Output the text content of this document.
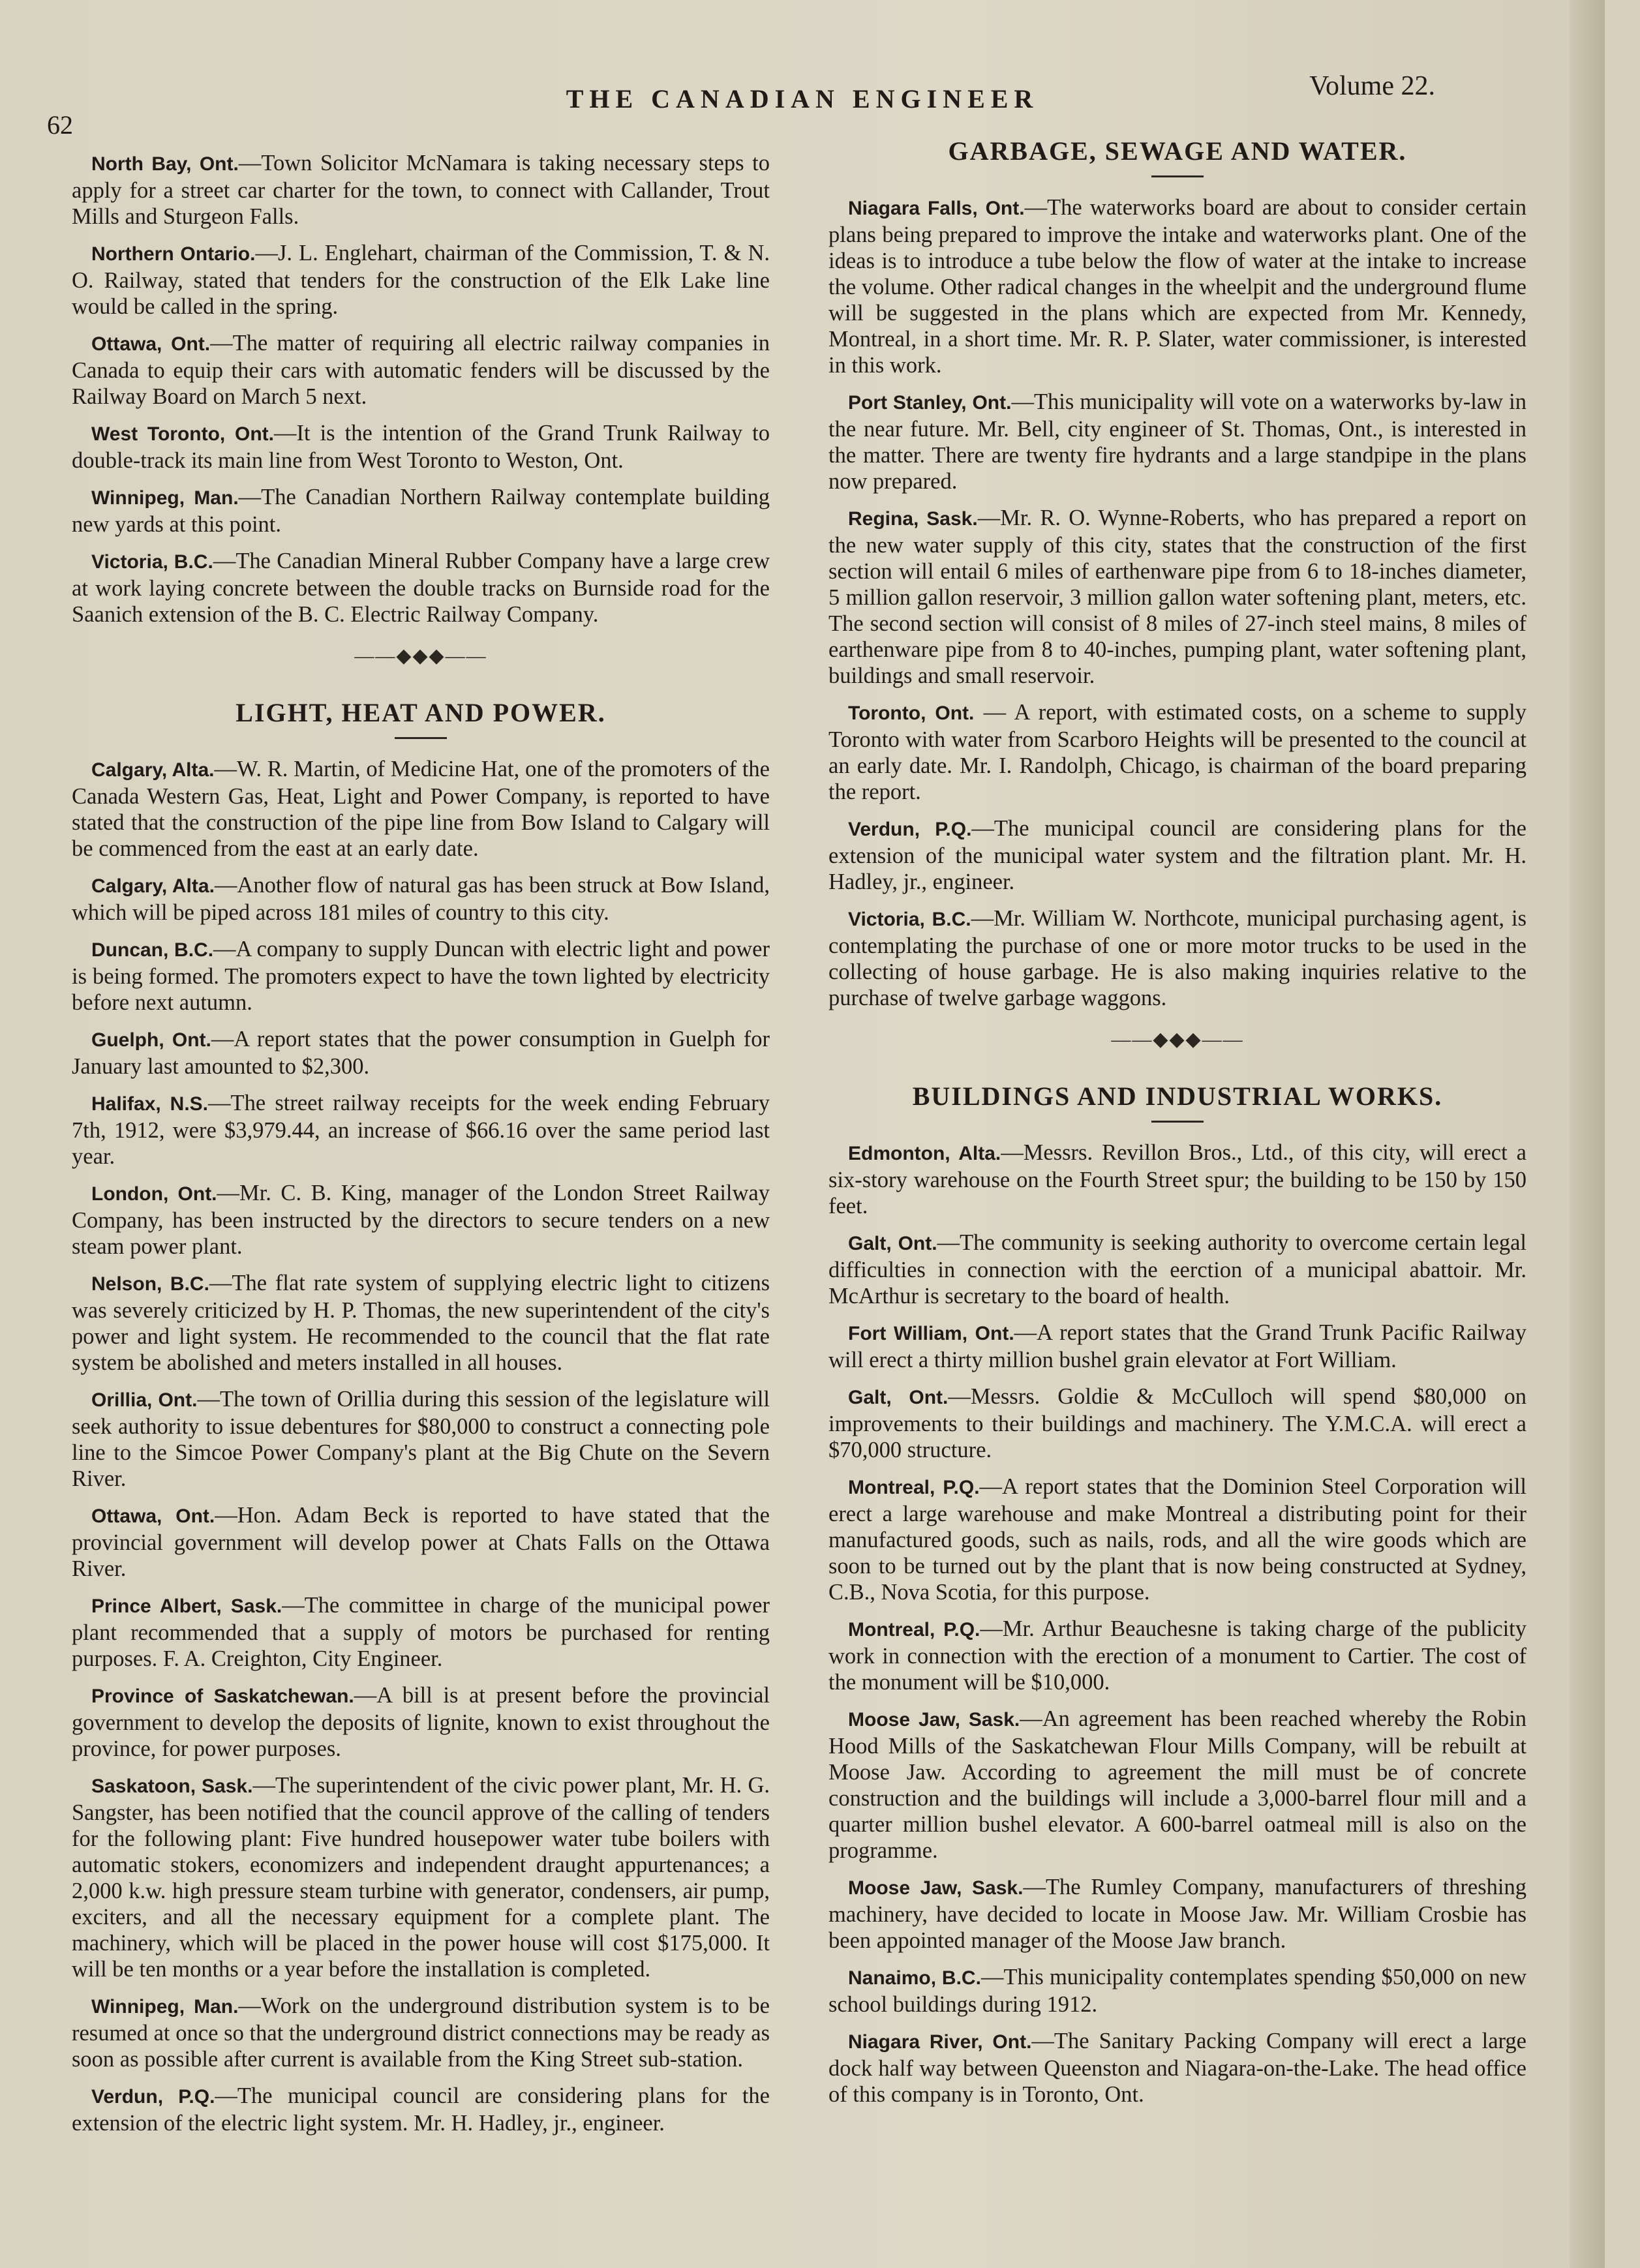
62
THE CANADIAN ENGINEER	Volume 22.

North Bay, Ont.—Town Solicitor McNamara is taking necessary steps to apply for a street car charter for the town, to connect with Callander, Trout Mills and Sturgeon Falls.

Northern Ontario.—J. L. Englehart, chairman of the Commission, T. & N. O. Railway, stated that tenders for the construction of the Elk Lake line would be called in the spring.

Ottawa, Ont.—The matter of requiring all electric railway companies in Canada to equip their cars with automatic fenders will be discussed by the Railway Board on March 5 next.

West Toronto, Ont.—It is the intention of the Grand Trunk Railway to double-track its main line from West Toronto to Weston, Ont.

Winnipeg, Man.—The Canadian Northern Railway contemplate building new yards at this point.

Victoria, B.C.—The Canadian Mineral Rubber Company have a large crew at work laying concrete between the double tracks on Burnside road for the Saanich extension of the B. C. Electric Railway Company.

——◆◆◆——
LIGHT, HEAT AND POWER.

Calgary, Alta.—W. R. Martin, of Medicine Hat, one of the promoters of the Canada Western Gas, Heat, Light and Power Company, is reported to have stated that the construction of the pipe line from Bow Island to Calgary will be commenced from the east at an early date.

Calgary, Alta.—Another flow of natural gas has been struck at Bow Island, which will be piped across 181 miles of country to this city.

Duncan, B.C.—A company to supply Duncan with electric light and power is being formed. The promoters expect to have the town lighted by electricity before next autumn.

Guelph, Ont.—A report states that the power consumption in Guelph for January last amounted to $2,300.

Halifax, N.S.—The street railway receipts for the week ending February 7th, 1912, were $3,979.44, an increase of $66.16 over the same period last year.

London, Ont.—Mr. C. B. King, manager of the London Street Railway Company, has been instructed by the directors to secure tenders on a new steam power plant.

Nelson, B.C.—The flat rate system of supplying electric light to citizens was severely criticized by H. P. Thomas, the new superintendent of the city's power and light system. He recommended to the council that the flat rate system be abolished and meters installed in all houses.

Orillia, Ont.—The town of Orillia during this session of the legislature will seek authority to issue debentures for $80,000 to construct a connecting pole line to the Simcoe Power Company's plant at the Big Chute on the Severn River.

Ottawa, Ont.—Hon. Adam Beck is reported to have stated that the provincial government will develop power at Chats Falls on the Ottawa River.

Prince Albert, Sask.—The committee in charge of the municipal power plant recommended that a supply of motors be purchased for renting purposes. F. A. Creighton, City Engineer.

Province of Saskatchewan.—A bill is at present before the provincial government to develop the deposits of lignite, known to exist throughout the province, for power purposes.

Saskatoon, Sask.—The superintendent of the civic power plant, Mr. H. G. Sangster, has been notified that the council approve of the calling of tenders for the following plant: Five hundred housepower water tube boilers with automatic stokers, economizers and independent draught appurtenances; a 2,000 k.w. high pressure steam turbine with generator, condensers, air pump, exciters, and all the necessary equipment for a complete plant. The machinery, which will be placed in the power house will cost $175,000. It will be ten months or a year before the installation is completed.

Winnipeg, Man.—Work on the underground distribution system is to be resumed at once so that the underground district connections may be ready as soon as possible after current is available from the King Street sub-station.

Verdun, P.Q.—The municipal council are considering plans for the extension of the electric light system. Mr. H. Hadley, jr., engineer.

GARBAGE, SEWAGE AND WATER.

Niagara Falls, Ont.—The waterworks board are about to consider certain plans being prepared to improve the intake and waterworks plant. One of the ideas is to introduce a tube below the flow of water at the intake to increase the volume. Other radical changes in the wheelpit and the underground flume will be suggested in the plans which are expected from Mr. Kennedy, Montreal, in a short time. Mr. R. P. Slater, water commissioner, is interested in this work.

Port Stanley, Ont.—This municipality will vote on a waterworks by-law in the near future. Mr. Bell, city engineer of St. Thomas, Ont., is interested in the matter. There are twenty fire hydrants and a large standpipe in the plans now prepared.

Regina, Sask.—Mr. R. O. Wynne-Roberts, who has prepared a report on the new water supply of this city, states that the construction of the first section will entail 6 miles of earthenware pipe from 6 to 18-inches diameter, 5 million gallon reservoir, 3 million gallon water softening plant, meters, etc. The second section will consist of 8 miles of 27-inch steel mains, 8 miles of earthenware pipe from 8 to 40-inches, pumping plant, water softening plant, buildings and small reservoir.

Toronto, Ont. — A report, with estimated costs, on a scheme to supply Toronto with water from Scarboro Heights will be presented to the council at an early date. Mr. I. Randolph, Chicago, is chairman of the board preparing the report.

Verdun, P.Q.—The municipal council are considering plans for the extension of the municipal water system and the filtration plant. Mr. H. Hadley, jr., engineer.

Victoria, B.C.—Mr. William W. Northcote, municipal purchasing agent, is contemplating the purchase of one or more motor trucks to be used in the collecting of house garbage. He is also making inquiries relative to the purchase of twelve garbage waggons.

——◆◆◆——
BUILDINGS AND INDUSTRIAL WORKS.

Edmonton, Alta.—Messrs. Revillon Bros., Ltd., of this city, will erect a six-story warehouse on the Fourth Street spur; the building to be 150 by 150 feet.

Galt, Ont.—The community is seeking authority to overcome certain legal difficulties in connection with the eerction of a municipal abattoir. Mr. McArthur is secretary to the board of health.

Fort William, Ont.—A report states that the Grand Trunk Pacific Railway will erect a thirty million bushel grain elevator at Fort William.

Galt, Ont.—Messrs. Goldie & McCulloch will spend $80,000 on improvements to their buildings and machinery. The Y.M.C.A. will erect a $70,000 structure.

Montreal, P.Q.—A report states that the Dominion Steel Corporation will erect a large warehouse and make Montreal a distributing point for their manufactured goods, such as nails, rods, and all the wire goods which are soon to be turned out by the plant that is now being constructed at Sydney, C.B., Nova Scotia, for this purpose.

Montreal, P.Q.—Mr. Arthur Beauchesne is taking charge of the publicity work in connection with the erection of a monument to Cartier. The cost of the monument will be $10,000.

Moose Jaw, Sask.—An agreement has been reached whereby the Robin Hood Mills of the Saskatchewan Flour Mills Company, will be rebuilt at Moose Jaw. According to agreement the mill must be of concrete construction and the buildings will include a 3,000-barrel flour mill and a quarter million bushel elevator. A 600-barrel oatmeal mill is also on the programme.

Moose Jaw, Sask.—The Rumley Company, manufacturers of threshing machinery, have decided to locate in Moose Jaw. Mr. William Crosbie has been appointed manager of the Moose Jaw branch.

Nanaimo, B.C.—This municipality contemplates spending $50,000 on new school buildings during 1912.

Niagara River, Ont.—The Sanitary Packing Company will erect a large dock half way between Queenston and Niagara-on-the-Lake. The head office of this company is in Toronto, Ont.
